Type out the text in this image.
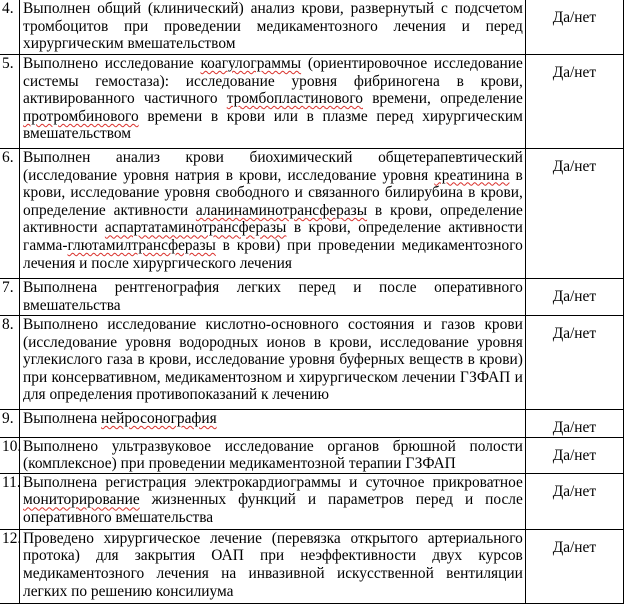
4.	Выполнен общий (клинический) анализ крови, развернутый с подсчетом тромбоцитов при проведении медикаментозного лечения и перед хирургическим вмешательством	Да/нет
5.	Выполнено исследование коагулограммы (ориентировочное исследование системы гемостаза): исследование уровня фибриногена в крови, активированного частичного тромбопластинового времени, определение протромбинового времени в крови или в плазме перед хирургическим вмешательством	Да/нет
6.	Выполнен анализ крови биохимический общетерапевтический (исследование уровня натрия в крови, исследование уровня креатинина в крови, исследование уровня свободного и связанного билирубина в крови, определение активности аланинаминотрансферазы в крови, определение активности аспартатаминотрансферазы в крови, определение активности гамма-глютамилтрансферазы в крови) при проведении медикаментозного лечения и после хирургического лечения	Да/нет
7.	Выполнена рентгенография легких перед и после оперативного вмешательства	Да/нет
8.	Выполнено исследование кислотно-основного состояния и газов крови (исследование уровня водородных ионов в крови, исследование уровня углекислого газа в крови, исследование уровня буферных веществ в крови) при консервативном, медикаментозном и хирургическом лечении ГЗФАП и для определения противопоказаний к лечению	Да/нет
9.	Выполнена нейросонография	Да/нет
10.	Выполнено ультразвуковое исследование органов брюшной полости (комплексное) при проведении медикаментозной терапии ГЗФАП	Да/нет
11.	Выполнена регистрация электрокардиограммы и суточное прикроватное мониторирование жизненных функций и параметров перед и после оперативного вмешательства	Да/нет
12.	Проведено хирургическое лечение (перевязка открытого артериального протока) для закрытия ОАП при неэффективности двух курсов медикаментозного лечения на инвазивной искусственной вентиляции легких по решению консилиума	Да/нет
